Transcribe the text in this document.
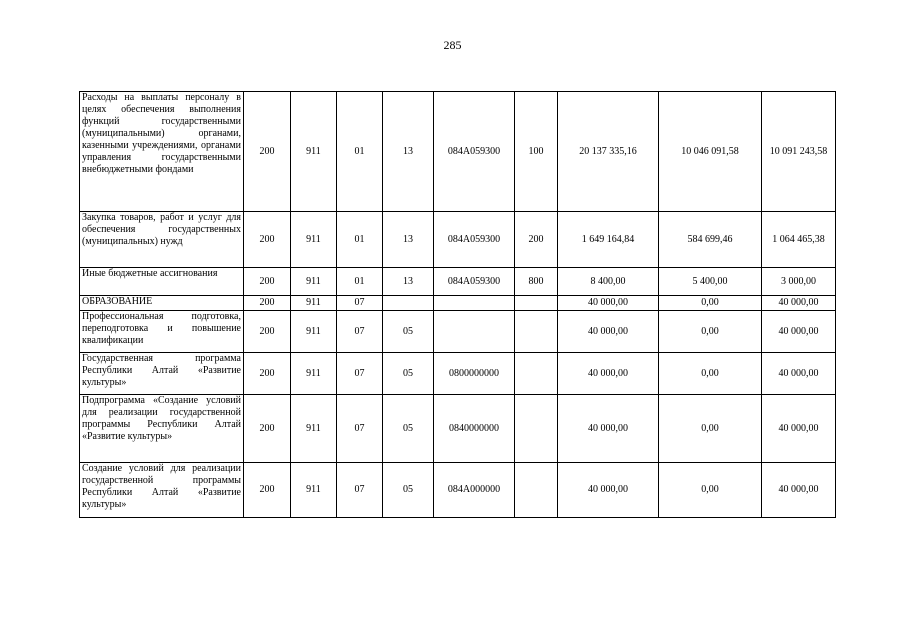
285
Расходы на выплаты персоналу в целях обеспечения выполнения функций государственными (муниципальными) органами, казенными учреждениями, органами управления государственными внебюджетными фондами	200	911	01	13	084A059300	100	20 137 335,16	10 046 091,58	10 091 243,58
Закупка товаров, работ и услуг для обеспечения государственных (муниципальных) нужд	200	911	01	13	084A059300	200	1 649 164,84	584 699,46	1 064 465,38
Иные бюджетные ассигнования	200	911	01	13	084A059300	800	8 400,00	5 400,00	3 000,00
ОБРАЗОВАНИЕ	200	911	07				40 000,00	0,00	40 000,00
Профессиональная подготовка, переподготовка и повышение квалификации	200	911	07	05			40 000,00	0,00	40 000,00
Государственная программа Республики Алтай «Развитие культуры»	200	911	07	05	0800000000		40 000,00	0,00	40 000,00
Подпрограмма «Создание условий для реализации государственной программы Республики Алтай «Развитие культуры»	200	911	07	05	0840000000		40 000,00	0,00	40 000,00
Создание условий для реализации государственной программы Республики Алтай «Развитие культуры»	200	911	07	05	084A000000		40 000,00	0,00	40 000,00
